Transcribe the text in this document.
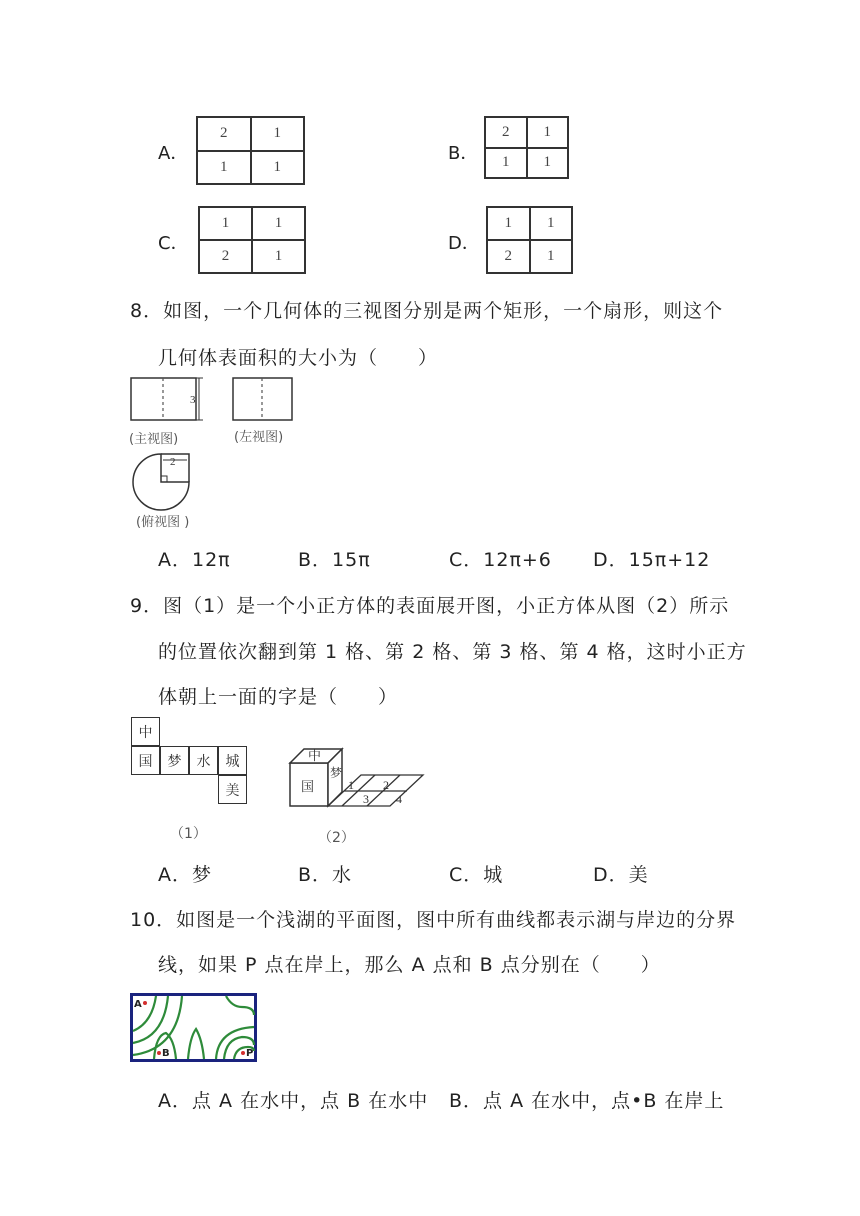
A．
2	1
1	1
B．
2	1
1	1
C．
1	1
2	1
D．
1	1
2	1
8．如图，一个几何体的三视图分别是两个矩形，一个扇形，则这个
几何体表面积的大小为（　　）
3
2
(主视图)	(左视图)
(俯视图 )
A．12π	B．15π	C．12π+6 D．15π+12
9．图（1）是一个小正方体的表面展开图，小正方体从图（2）所示
的位置依次翻到第 1 格、第 2 格、第 3 格、第 4 格，这时小正方
体朝上一面的字是（　　）
中
国	梦	水	城
美
（1）
中
国
梦
1 2
3 4
（2）
A．梦	B．水	C．城	D．美
10．如图是一个浅湖的平面图，图中所有曲线都表示湖与岸边的分界
线，如果 P 点在岸上，那么 A 点和 B 点分别在（　　）
A
B	P
A．点 A 在水中，点 B 在水中 B．点 A 在水中，点•B 在岸上
